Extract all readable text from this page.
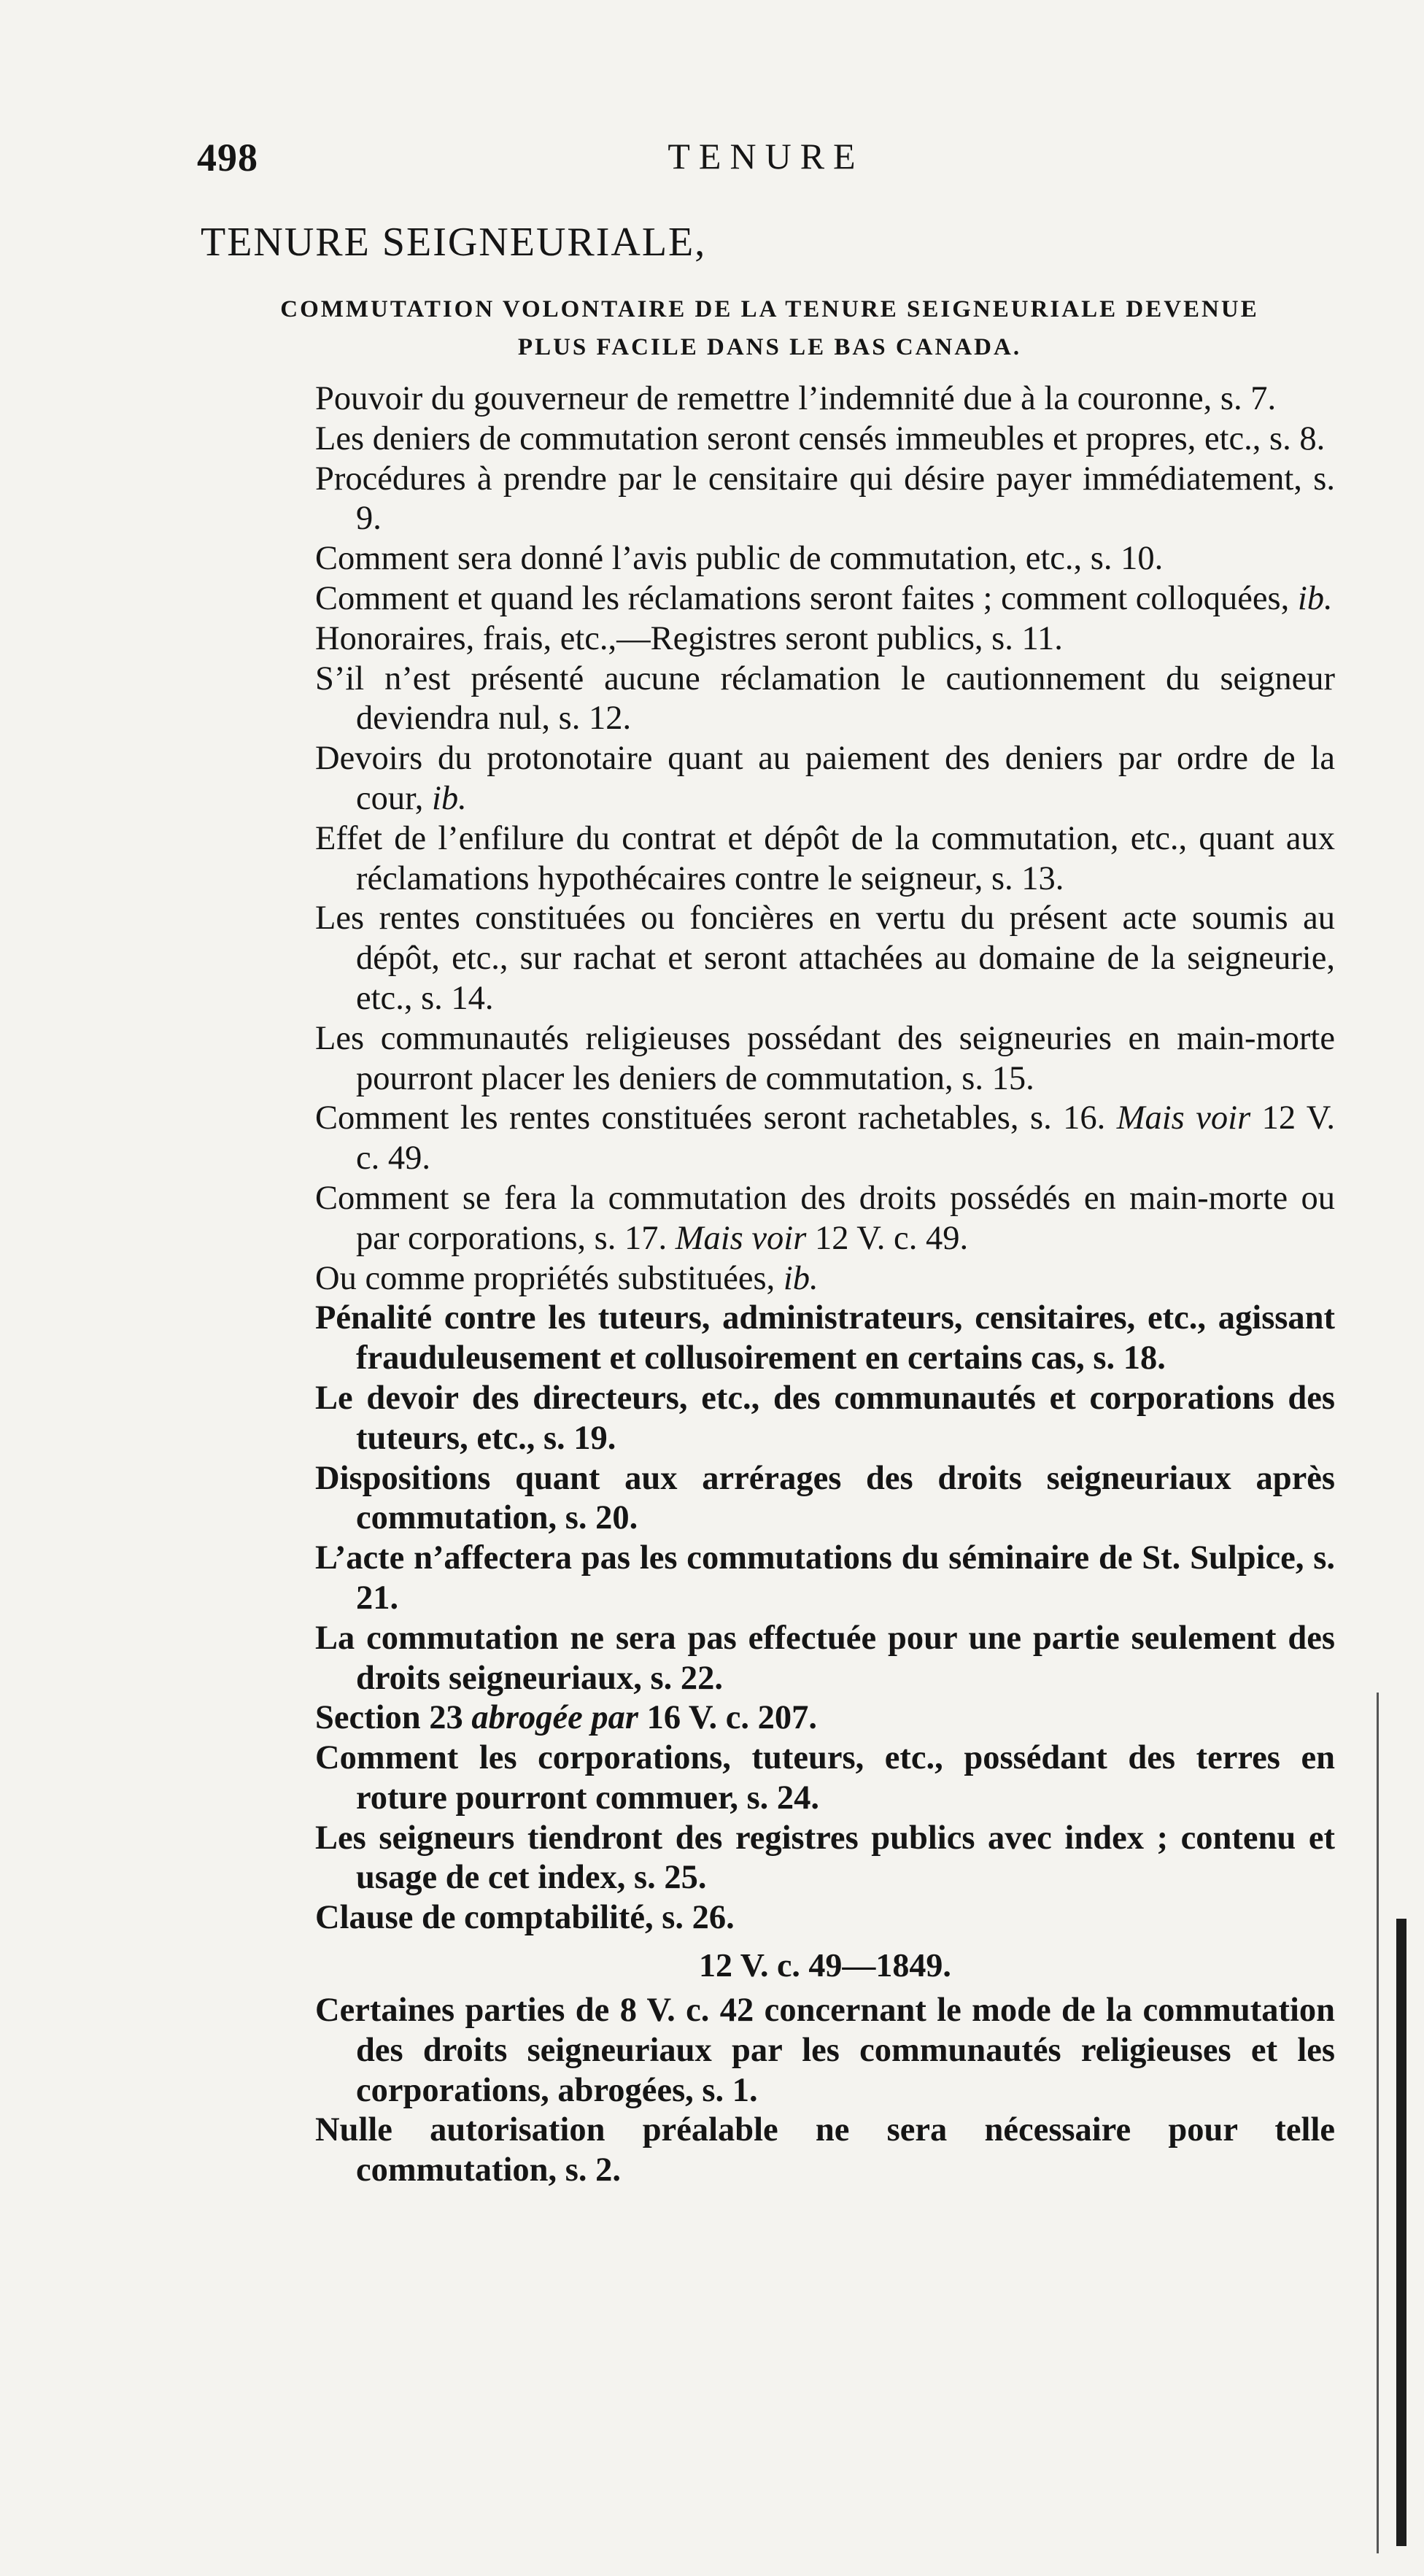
498	TENURE
TENURE SEIGNEURIALE,
COMMUTATION VOLONTAIRE DE LA TENURE SEIGNEURIALE DEVENUE
PLUS FACILE DANS LE BAS CANADA.
Pouvoir du gouverneur de remettre l’indemnité due à la couronne, s. 7.
Les deniers de commutation seront censés immeubles et propres, etc., s. 8.
Procédures à prendre par le censitaire qui désire payer immédiatement, s. 9.
Comment sera donné l’avis public de commutation, etc., s. 10.
Comment et quand les réclamations seront faites ; comment colloquées, ib.
Honoraires, frais, etc.,—Registres seront publics, s. 11.
S’il n’est présenté aucune réclamation le cautionnement du seigneur deviendra nul, s. 12.
Devoirs du protonotaire quant au paiement des deniers par ordre de la cour, ib.
Effet de l’enfilure du contrat et dépôt de la commutation, etc., quant aux réclamations hypothécaires contre le seigneur, s. 13.
Les rentes constituées ou foncières en vertu du présent acte soumis au dépôt, etc., sur rachat et seront attachées au domaine de la seigneurie, etc., s. 14.
Les communautés religieuses possédant des seigneuries en main-morte pourront placer les deniers de commutation, s. 15.
Comment les rentes constituées seront rachetables, s. 16. Mais voir 12 V. c. 49.
Comment se fera la commutation des droits possédés en main-morte ou par corporations, s. 17. Mais voir 12 V. c. 49.
Ou comme propriétés substituées, ib.
Pénalité contre les tuteurs, administrateurs, censitaires, etc., agissant frauduleusement et collusoirement en certains cas, s. 18.
Le devoir des directeurs, etc., des communautés et corporations des tuteurs, etc., s. 19.
Dispositions quant aux arrérages des droits seigneuriaux après commutation, s. 20.
L’acte n’affectera pas les commutations du séminaire de St. Sulpice, s. 21.
La commutation ne sera pas effectuée pour une partie seulement des droits seigneuriaux, s. 22.
Section 23 abrogée par 16 V. c. 207.
Comment les corporations, tuteurs, etc., possédant des terres en roture pourront commuer, s. 24.
Les seigneurs tiendront des registres publics avec index ; contenu et usage de cet index, s. 25.
Clause de comptabilité, s. 26.
12 V. c. 49—1849.
Certaines parties de 8 V. c. 42 concernant le mode de la commutation des droits seigneuriaux par les communautés religieuses et les corporations, abrogées, s. 1.
Nulle autorisation préalable ne sera nécessaire pour telle commutation, s. 2.
